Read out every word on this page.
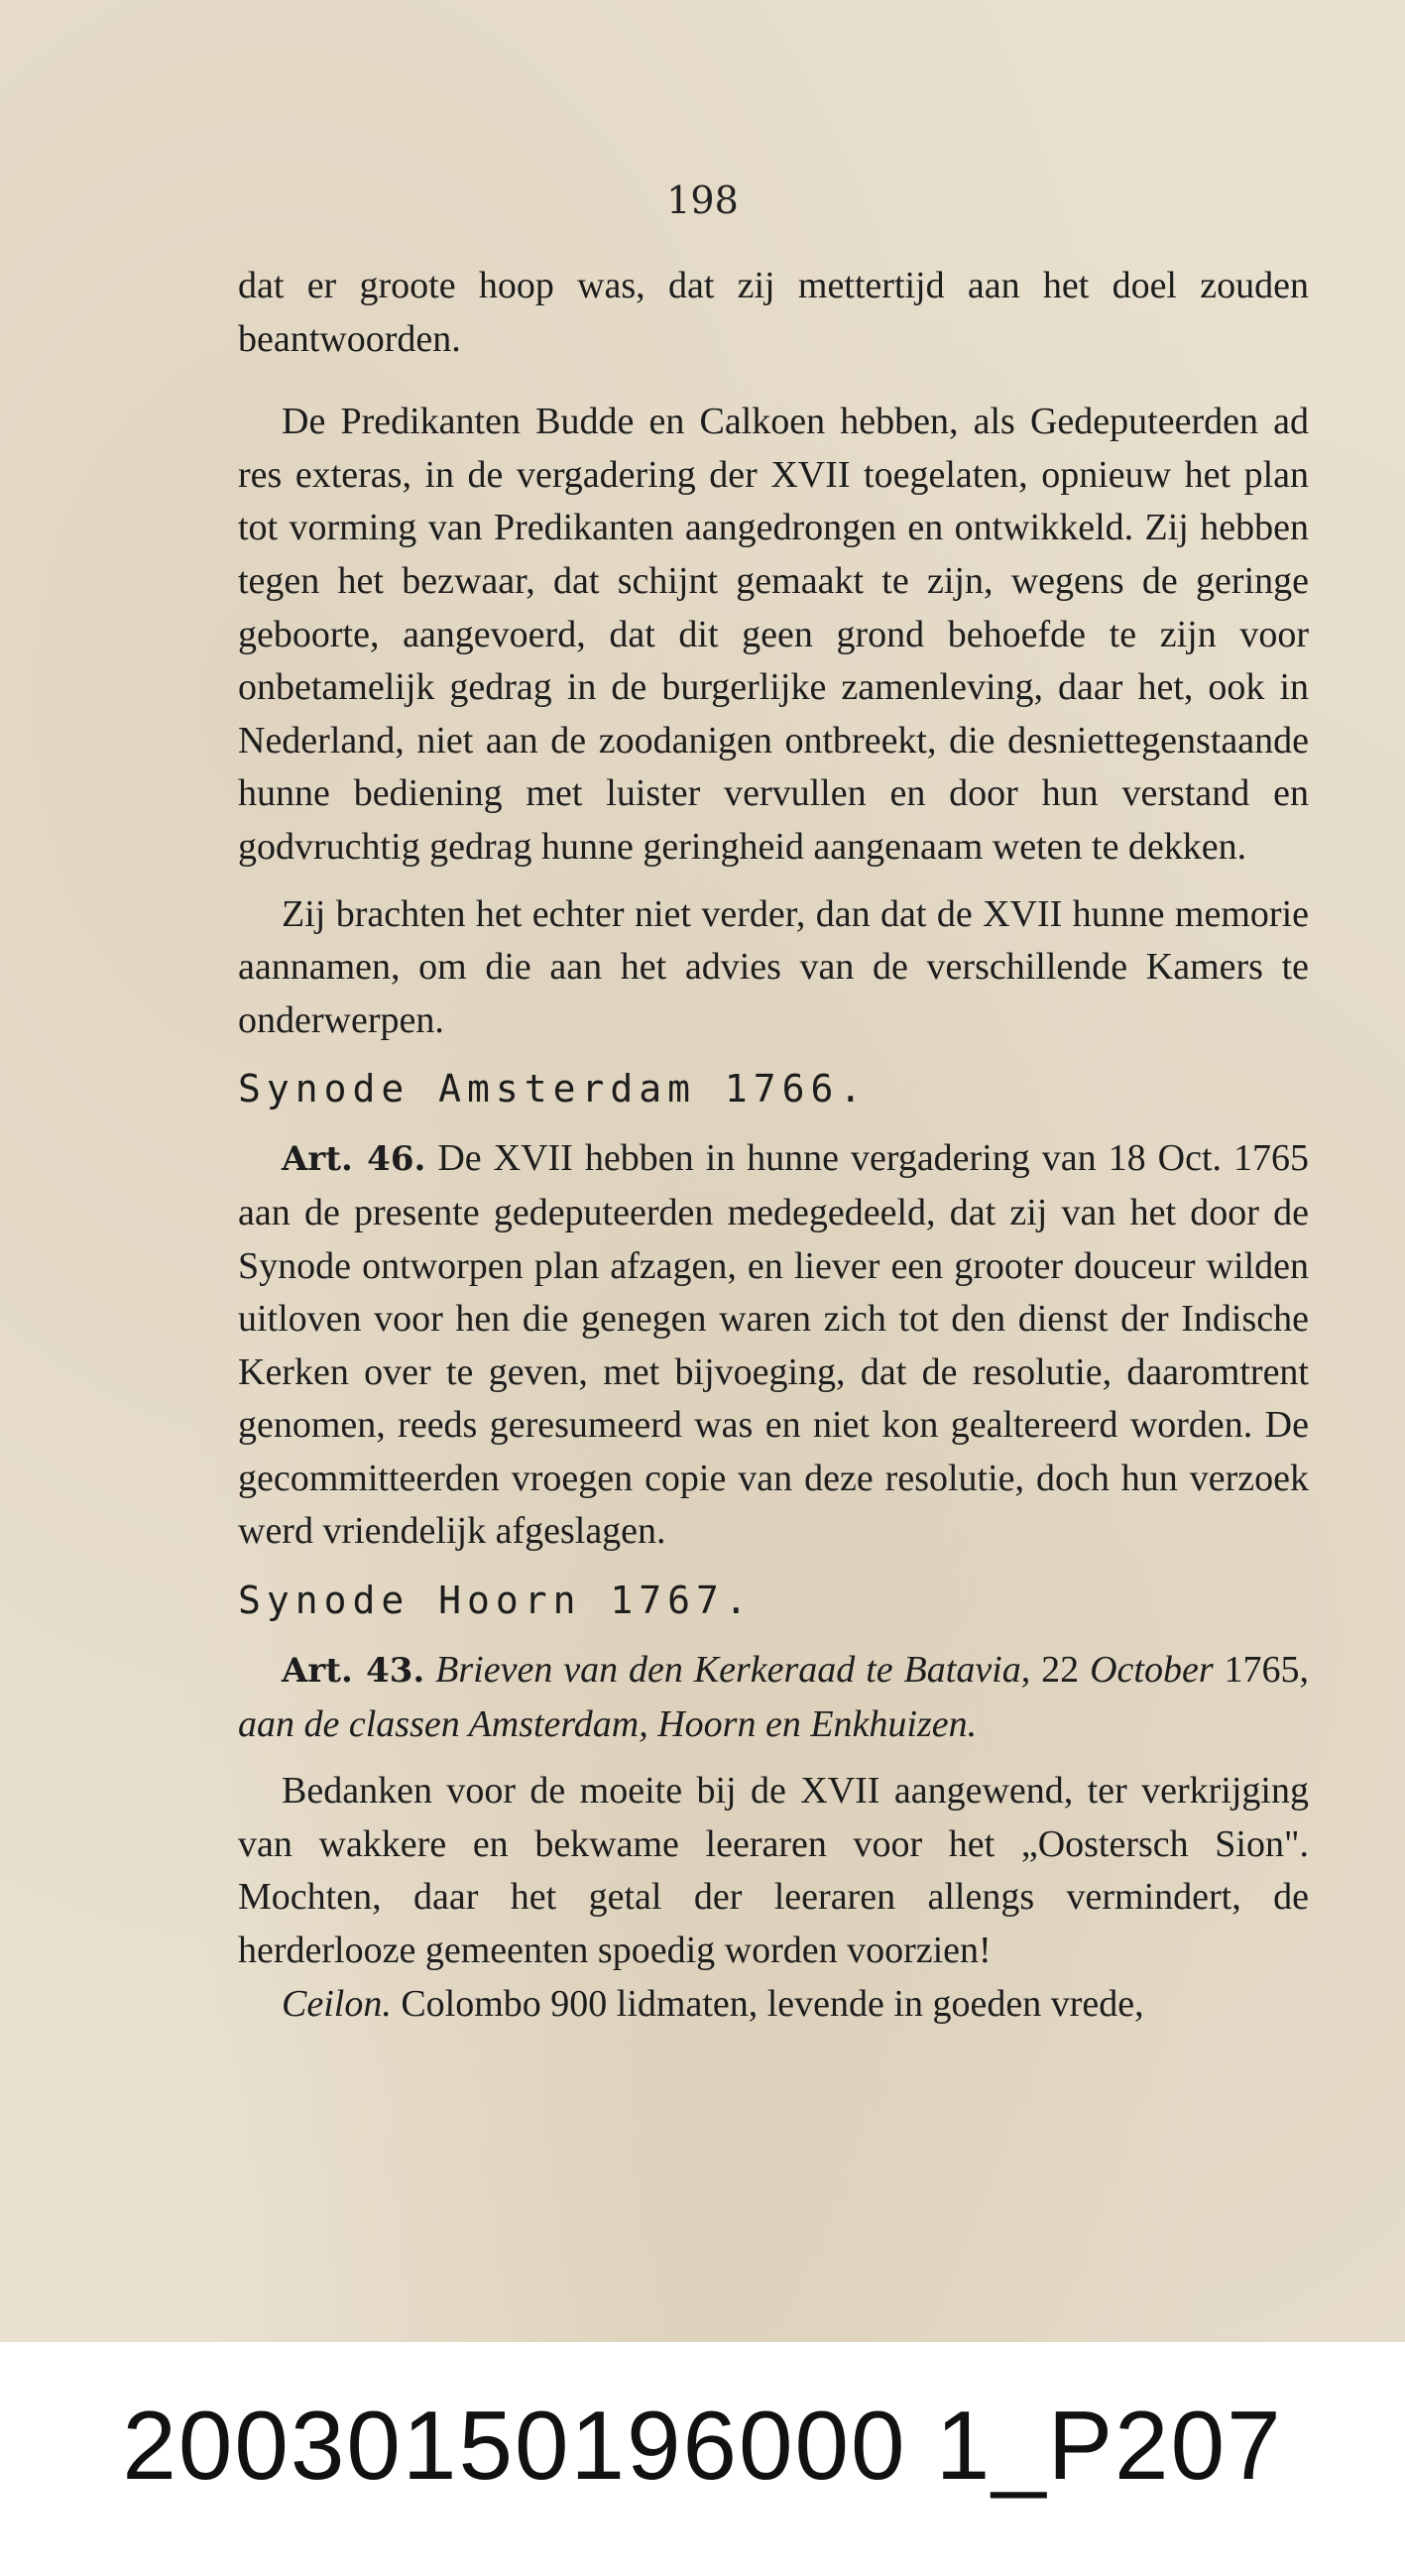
198

dat er groote hoop was, dat zij mettertijd aan het doel zouden beantwoorden.

De Predikanten Budde en Calkoen hebben, als Gedeputeerden ad res exteras, in de vergadering der XVII toegelaten, opnieuw het plan tot vorming van Predikanten aangedrongen en ontwikkeld. Zij hebben tegen het bezwaar, dat schijnt gemaakt te zijn, wegens de geringe geboorte, aangevoerd, dat dit geen grond behoefde te zijn voor onbetamelijk gedrag in de burgerlijke zamenleving, daar het, ook in Nederland, niet aan de zoodanigen ontbreekt, die desniettegenstaande hunne bediening met luister vervullen en door hun verstand en godvruchtig gedrag hunne geringheid aangenaam weten te dekken.

Zij brachten het echter niet verder, dan dat de XVII hunne memorie aannamen, om die aan het advies van de verschillende Kamers te onderwerpen.

Synode Amsterdam 1766.

Art. 46. De XVII hebben in hunne vergadering van 18 Oct. 1765 aan de presente gedeputeerden medegedeeld, dat zij van het door de Synode ontworpen plan afzagen, en liever een grooter douceur wilden uitloven voor hen die genegen waren zich tot den dienst der Indische Kerken over te geven, met bijvoeging, dat de resolutie, daaromtrent genomen, reeds geresumeerd was en niet kon gealtereerd worden. De gecommitteerden vroegen copie van deze resolutie, doch hun verzoek werd vriendelijk afgeslagen.

Synode Hoorn 1767.

Art. 43. Brieven van den Kerkeraad te Batavia, 22 October 1765, aan de classen Amsterdam, Hoorn en Enkhuizen.

Bedanken voor de moeite bij de XVII aangewend, ter verkrijging van wakkere en bekwame leeraren voor het „Oostersch Sion". Mochten, daar het getal der leeraren allengs vermindert, de herderlooze gemeenten spoedig worden voorzien!

Ceilon. Colombo 900 lidmaten, levende in goeden vrede,

20030150196000 1_P207
